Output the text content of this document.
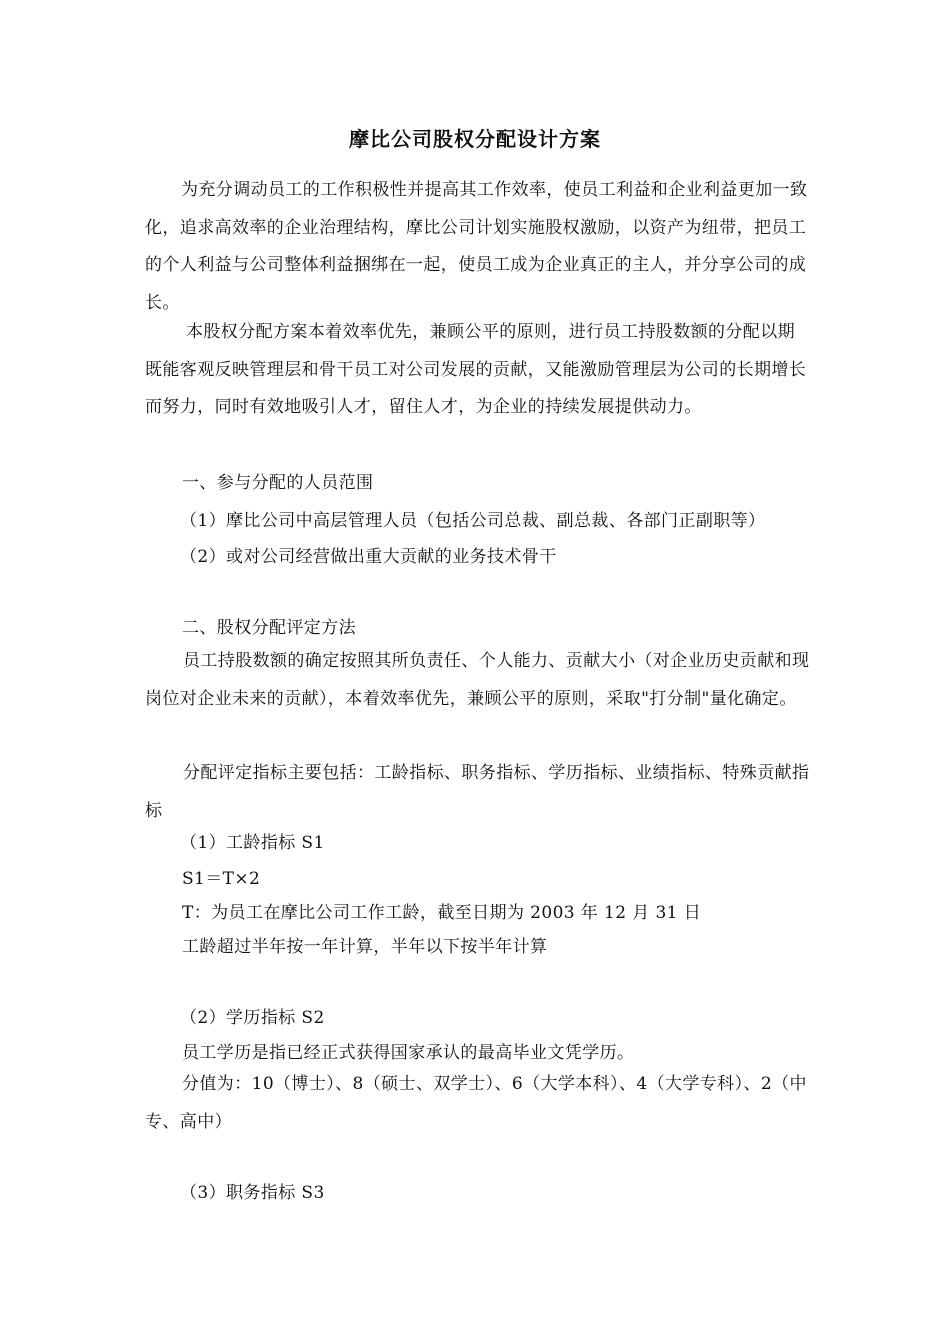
摩比公司股权分配设计方案
为充分调动员工的工作积极性并提高其工作效率，使员工利益和企业利益更加一致化，追求高效率的企业治理结构，摩比公司计划实施股权激励，以资产为纽带，把员工的个人利益与公司整体利益捆绑在一起，使员工成为企业真正的主人，并分享公司的成长。
本股权分配方案本着效率优先，兼顾公平的原则，进行员工持股数额的分配以期既能客观反映管理层和骨干员工对公司发展的贡献，又能激励管理层为公司的长期增长而努力，同时有效地吸引人才，留住人才，为企业的持续发展提供动力。
一、参与分配的人员范围
（1）摩比公司中高层管理人员（包括公司总裁、副总裁、各部门正副职等）
（2）或对公司经营做出重大贡献的业务技术骨干
二、股权分配评定方法
员工持股数额的确定按照其所负责任、个人能力、贡献大小（对企业历史贡献和现岗位对企业未来的贡献），本着效率优先，兼顾公平的原则，采取"打分制"量化确定。
分配评定指标主要包括：工龄指标、职务指标、学历指标、业绩指标、特殊贡献指标
（1）工龄指标 S1
S1＝T×2
T：为员工在摩比公司工作工龄，截至日期为 2003 年 12 月 31 日
工龄超过半年按一年计算，半年以下按半年计算
（2）学历指标 S2
员工学历是指已经正式获得国家承认的最高毕业文凭学历。
分值为：10（博士）、8（硕士、双学士）、6（大学本科）、4（大学专科）、2（中专、高中）
（3）职务指标 S3
